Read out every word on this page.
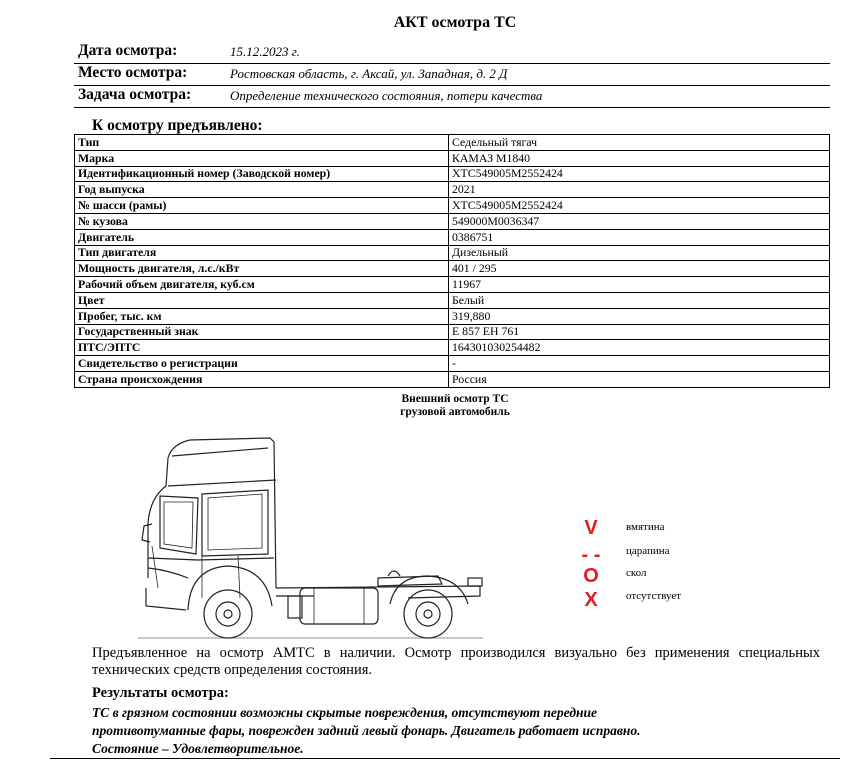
АКТ осмотра ТС
Дата осмотра:	15.12.2023 г.
Место осмотра:	Ростовская область, г. Аксай, ул. Западная, д. 2 Д
Задача осмотра:	Определение технического состояния, потери качества
К осмотру предъявлено:
Тип	Седельный тягач
Марка	КАМАЗ М1840
Идентификационный номер (Заводской номер)	ХТС549005М2552424
Год выпуска	2021
№ шасси (рамы)	ХТС549005М2552424
№ кузова	549000М0036347
Двигатель	0386751
Тип двигателя	Дизельный
Мощность двигателя, л.с./кВт	401 / 295
Рабочий объем двигателя, куб.см	11967
Цвет	Белый
Пробег, тыс. км	319,880
Государственный знак	Е 857 ЕН 761
ПТС/ЭПТС	164301030254482
Свидетельство о регистрации	-
Страна происхождения	Россия
Внешний осмотр ТС
грузовой автомобиль
V	вмятина
- - царапина
O скол
X	отсутствует
Предъявленное на осмотр АМТС в наличии. Осмотр производился визуально без применения специальных технических средств определения состояния.
Результаты осмотра:
ТС в грязном состоянии возможны скрытые повреждения, отсутствуют передние
противотуманные фары, поврежден задний левый фонарь. Двигатель работает исправно.
Состояние – Удовлетворительное.
